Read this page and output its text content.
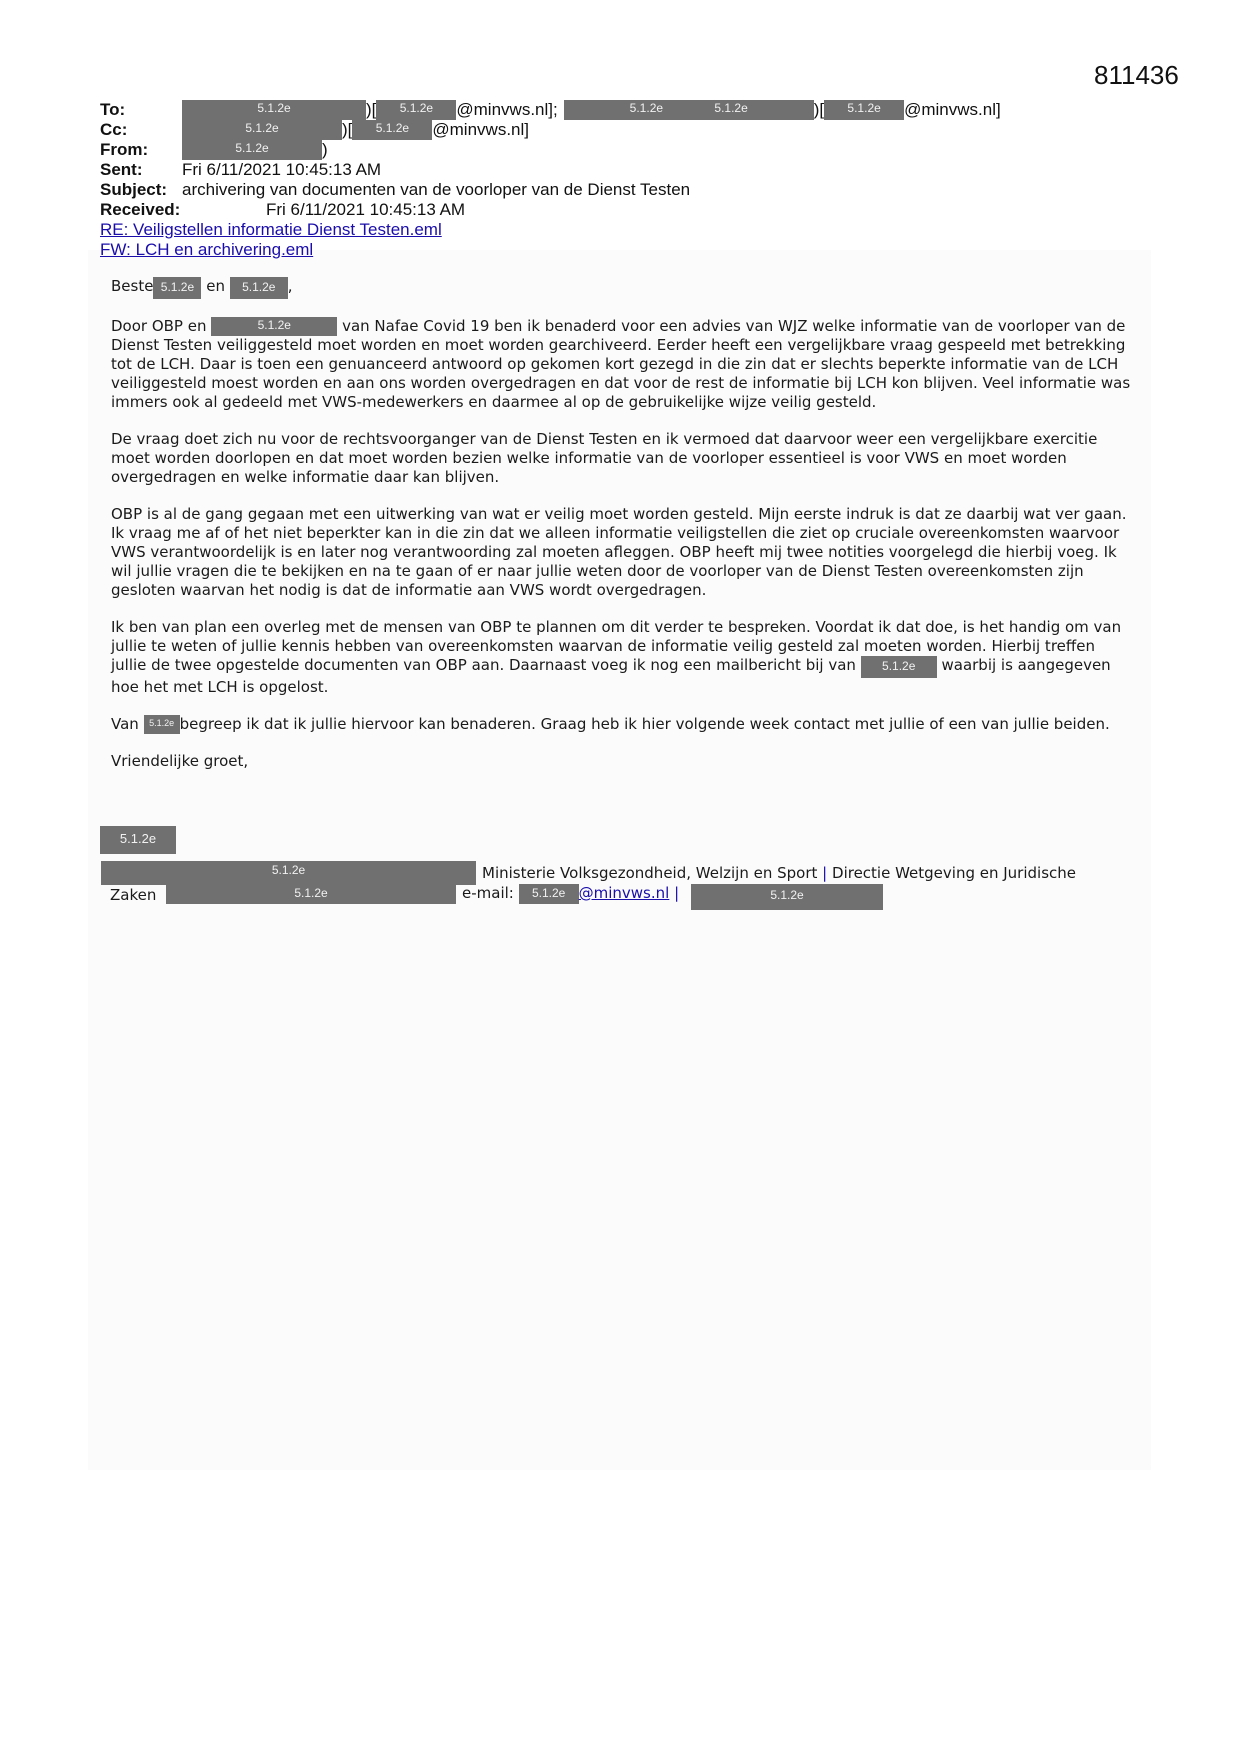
811436
To:	5.1.2e	)[ 5.1.2e @minvws.nl];	5.1.2e	5.1.2e	)[ 5.1.2e @minvws.nl]
Cc:	5.1.2e	)[ 5.1.2e @minvws.nl]
From:	5.1.2e	)
Sent: Fri 6/11/2021 10:45:13 AM
Subject: archivering van documenten van de voorloper van de Dienst Testen
Received:	Fri 6/11/2021 10:45:13 AM
RE: Veiligstellen informatie Dienst Testen.eml
FW: LCH en archivering.eml

Beste 5.1.2e en 5.1.2e ,

Door OBP en	5.1.2e	van Nafae Covid 19 ben ik benaderd voor een advies van WJZ welke informatie van de voorloper van de Dienst Testen veiliggesteld moet worden en moet worden gearchiveerd. Eerder heeft een vergelijkbare vraag gespeeld met betrekking tot de LCH. Daar is toen een genuanceerd antwoord op gekomen kort gezegd in die zin dat er slechts beperkte informatie van de LCH veiliggesteld moest worden en aan ons worden overgedragen en dat voor de rest de informatie bij LCH kon blijven. Veel informatie was immers ook al gedeeld met VWS-medewerkers en daarmee al op de gebruikelijke wijze veilig gesteld.

De vraag doet zich nu voor de rechtsvoorganger van de Dienst Testen en ik vermoed dat daarvoor weer een vergelijkbare exercitie moet worden doorlopen en dat moet worden bezien welke informatie van de voorloper essentieel is voor VWS en moet worden overgedragen en welke informatie daar kan blijven.

OBP is al de gang gegaan met een uitwerking van wat er veilig moet worden gesteld. Mijn eerste indruk is dat ze daarbij wat ver gaan. Ik vraag me af of het niet beperkter kan in die zin dat we alleen informatie veiligstellen die ziet op cruciale overeenkomsten waarvoor VWS verantwoordelijk is en later nog verantwoording zal moeten afleggen. OBP heeft mij twee notities voorgelegd die hierbij voeg. Ik wil jullie vragen die te bekijken en na te gaan of er naar jullie weten door de voorloper van de Dienst Testen overeenkomsten zijn gesloten waarvan het nodig is dat de informatie aan VWS wordt overgedragen.

Ik ben van plan een overleg met de mensen van OBP te plannen om dit verder te bespreken. Voordat ik dat doe, is het handig om van jullie te weten of jullie kennis hebben van overeenkomsten waarvan de informatie veilig gesteld zal moeten worden. Hierbij treffen jullie de twee opgestelde documenten van OBP aan. Daarnaast voeg ik nog een mailbericht bij van 5.1.2e waarbij is aangegeven hoe het met LCH is opgelost.

Van 5.1.2e begreep ik dat ik jullie hiervoor kan benaderen. Graag heb ik hier volgende week contact met jullie of een van jullie beiden.

Vriendelijke groet,

5.1.2e
5.1.2e	Ministerie Volksgezondheid, Welzijn en Sport | Directie Wetgeving en Juridische
Zaken	5.1.2e	e-mail: 5.1.2e @minvws.nl |	5.1.2e
